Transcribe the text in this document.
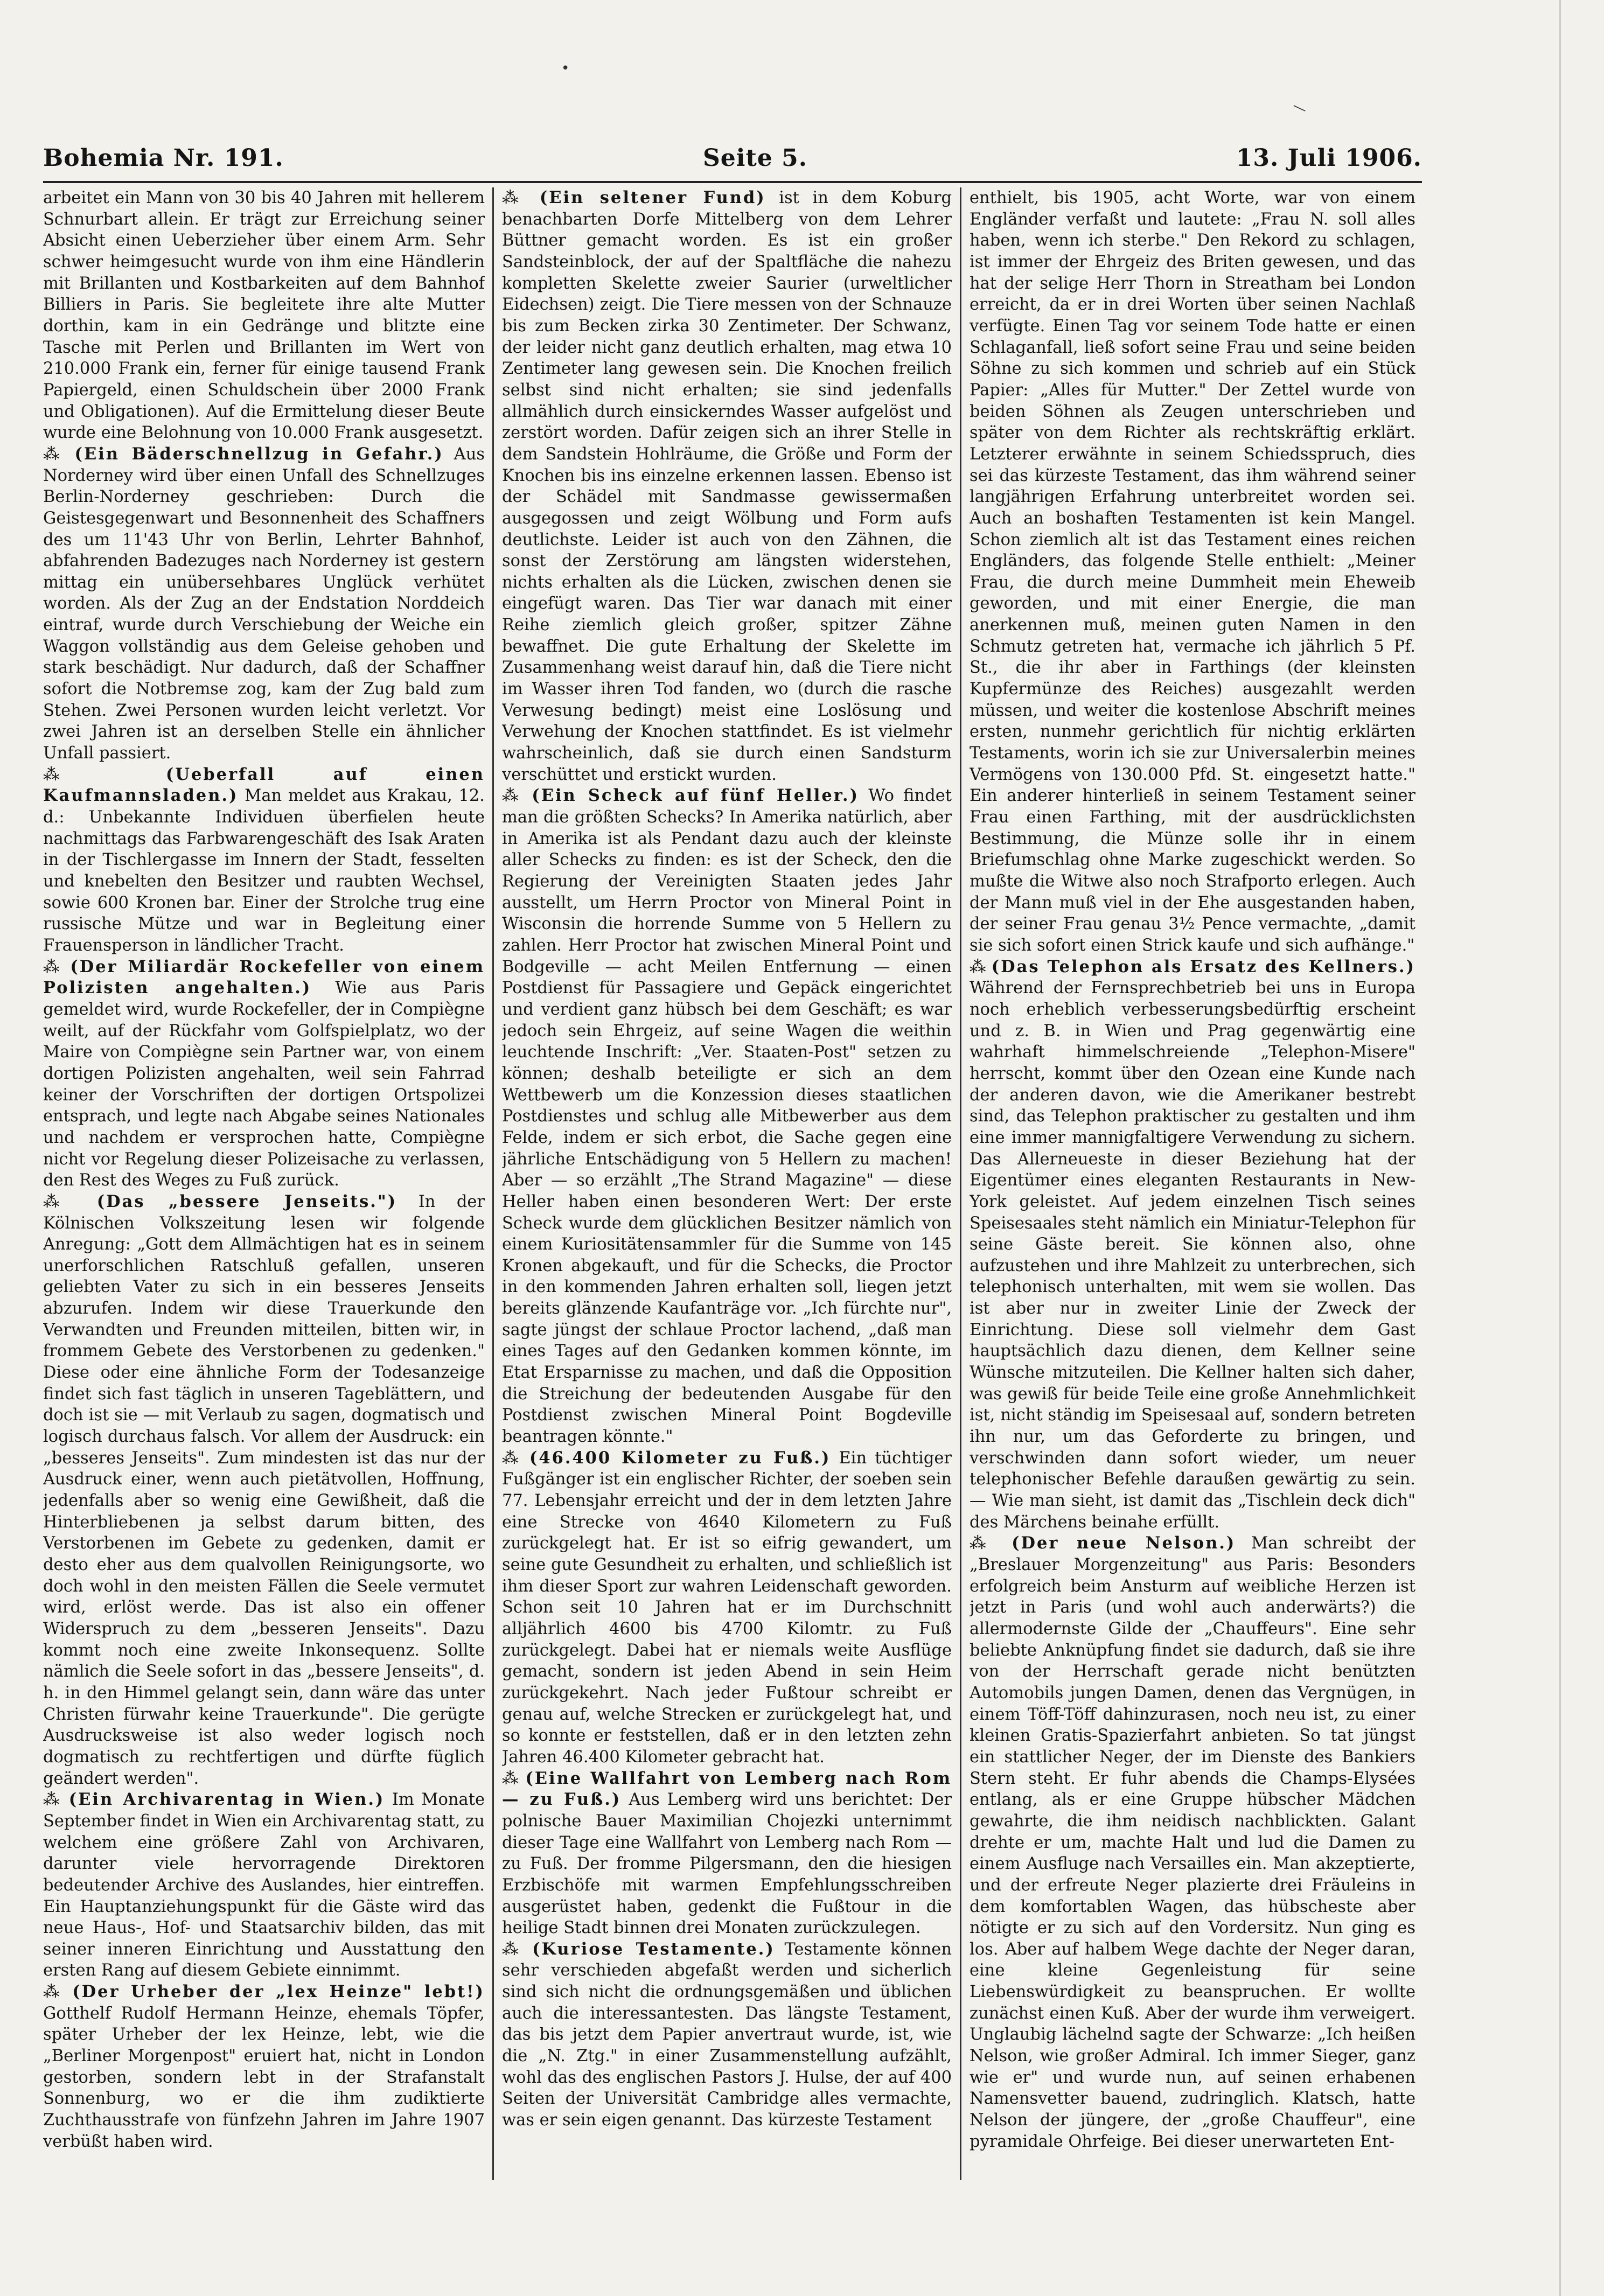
•
—
Bohemia Nr. 191.	Seite 5.	13. Juli 1906.

arbeitet ein Mann von 30 bis 40 Jahren mit hellerem Schnurbart allein. Er trägt zur Erreichung seiner Absicht einen Ueberzieher über einem Arm. Sehr schwer heimgesucht wurde von ihm eine Händlerin mit Brillanten und Kostbarkeiten auf dem Bahnhof Billiers in Paris. Sie begleitete ihre alte Mutter dorthin, kam in ein Gedränge und blitzte eine Tasche mit Perlen und Brillanten im Wert von 210.000 Frank ein, ferner für einige tausend Frank Papiergeld, einen Schuldschein über 2000 Frank und Obligationen). Auf die Ermittelung dieser Beute wurde eine Belohnung von 10.000 Frank ausgesetzt.

⁂ (Ein Bäderschnellzug in Gefahr.) Aus Norderney wird über einen Unfall des Schnellzuges Berlin-Norderney geschrieben: Durch die Geistesgegenwart und Besonnenheit des Schaffners des um 11'43 Uhr von Berlin, Lehrter Bahnhof, abfahrenden Badezuges nach Norderney ist gestern mittag ein unübersehbares Unglück verhütet worden. Als der Zug an der Endstation Norddeich eintraf, wurde durch Verschiebung der Weiche ein Waggon vollständig aus dem Geleise gehoben und stark beschädigt. Nur dadurch, daß der Schaffner sofort die Notbremse zog, kam der Zug bald zum Stehen. Zwei Personen wurden leicht verletzt. Vor zwei Jahren ist an derselben Stelle ein ähnlicher Unfall passiert.

⁂ (Ueberfall auf einen Kaufmannsladen.) Man meldet aus Krakau, 12. d.: Unbekannte Individuen überfielen heute nachmittags das Farbwarengeschäft des Isak Araten in der Tischlergasse im Innern der Stadt, fesselten und knebelten den Besitzer und raubten Wechsel, sowie 600 Kronen bar. Einer der Strolche trug eine russische Mütze und war in Begleitung einer Frauensperson in ländlicher Tracht.

⁂ (Der Miliardär Rockefeller von einem Polizisten angehalten.) Wie aus Paris gemeldet wird, wurde Rockefeller, der in Compiègne weilt, auf der Rückfahr vom Golfspielplatz, wo der Maire von Compiègne sein Partner war, von einem dortigen Polizisten angehalten, weil sein Fahrrad keiner der Vorschriften der dortigen Ortspolizei entsprach, und legte nach Abgabe seines Nationales und nachdem er versprochen hatte, Compiègne nicht vor Regelung dieser Polizeisache zu verlassen, den Rest des Weges zu Fuß zurück.

⁂ (Das „bessere Jenseits.") In der Kölnischen Volkszeitung lesen wir folgende Anregung: „Gott dem Allmächtigen hat es in seinem unerforschlichen Ratschluß gefallen, unseren geliebten Vater zu sich in ein besseres Jenseits abzurufen. Indem wir diese Trauerkunde den Verwandten und Freunden mitteilen, bitten wir, in frommem Gebete des Verstorbenen zu gedenken." Diese oder eine ähnliche Form der Todesanzeige findet sich fast täglich in unseren Tageblättern, und doch ist sie — mit Verlaub zu sagen, dogmatisch und logisch durchaus falsch. Vor allem der Ausdruck: ein „besseres Jenseits". Zum mindesten ist das nur der Ausdruck einer, wenn auch pietätvollen, Hoffnung, jedenfalls aber so wenig eine Gewißheit, daß die Hinterbliebenen ja selbst darum bitten, des Verstorbenen im Gebete zu gedenken, damit er desto eher aus dem qualvollen Reinigungsorte, wo doch wohl in den meisten Fällen die Seele vermutet wird, erlöst werde. Das ist also ein offener Widerspruch zu dem „besseren Jenseits". Dazu kommt noch eine zweite Inkonsequenz. Sollte nämlich die Seele sofort in das „bessere Jenseits", d. h. in den Himmel gelangt sein, dann wäre das unter Christen fürwahr keine Trauerkunde". Die gerügte Ausdrucksweise ist also weder logisch noch dogmatisch zu rechtfertigen und dürfte füglich geändert werden".

⁂ (Ein Archivarentag in Wien.) Im Monate September findet in Wien ein Archivarentag statt, zu welchem eine größere Zahl von Archivaren, darunter viele hervorragende Direktoren bedeutender Archive des Auslandes, hier eintreffen. Ein Hauptanziehungspunkt für die Gäste wird das neue Haus-, Hof- und Staatsarchiv bilden, das mit seiner inneren Einrichtung und Ausstattung den ersten Rang auf diesem Gebiete einnimmt.

⁂ (Der Urheber der „lex Heinze" lebt!) Gotthelf Rudolf Hermann Heinze, ehemals Töpfer, später Urheber der lex Heinze, lebt, wie die „Berliner Morgenpost" eruiert hat, nicht in London gestorben, sondern lebt in der Strafanstalt Sonnenburg, wo er die ihm zudiktierte Zuchthausstrafe von fünfzehn Jahren im Jahre 1907 verbüßt haben wird.

⁂ (Ein seltener Fund) ist in dem Koburg benachbarten Dorfe Mittelberg von dem Lehrer Büttner gemacht worden. Es ist ein großer Sandsteinblock, der auf der Spaltfläche die nahezu kompletten Skelette zweier Saurier (urweltlicher Eidechsen) zeigt. Die Tiere messen von der Schnauze bis zum Becken zirka 30 Zentimeter. Der Schwanz, der leider nicht ganz deutlich erhalten, mag etwa 10 Zentimeter lang gewesen sein. Die Knochen freilich selbst sind nicht erhalten; sie sind jedenfalls allmählich durch einsickerndes Wasser aufgelöst und zerstört worden. Dafür zeigen sich an ihrer Stelle in dem Sandstein Hohlräume, die Größe und Form der Knochen bis ins einzelne erkennen lassen. Ebenso ist der Schädel mit Sandmasse gewissermaßen ausgegossen und zeigt Wölbung und Form aufs deutlichste. Leider ist auch von den Zähnen, die sonst der Zerstörung am längsten widerstehen, nichts erhalten als die Lücken, zwischen denen sie eingefügt waren. Das Tier war danach mit einer Reihe ziemlich gleich großer, spitzer Zähne bewaffnet. Die gute Erhaltung der Skelette im Zusammenhang weist darauf hin, daß die Tiere nicht im Wasser ihren Tod fanden, wo (durch die rasche Verwesung bedingt) meist eine Loslösung und Verwehung der Knochen stattfindet. Es ist vielmehr wahrscheinlich, daß sie durch einen Sandsturm verschüttet und erstickt wurden.

⁂ (Ein Scheck auf fünf Heller.) Wo findet man die größten Schecks? In Amerika natürlich, aber in Amerika ist als Pendant dazu auch der kleinste aller Schecks zu finden: es ist der Scheck, den die Regierung der Vereinigten Staaten jedes Jahr ausstellt, um Herrn Proctor von Mineral Point in Wisconsin die horrende Summe von 5 Hellern zu zahlen. Herr Proctor hat zwischen Mineral Point und Bodgeville — acht Meilen Entfernung — einen Postdienst für Passagiere und Gepäck eingerichtet und verdient ganz hübsch bei dem Geschäft; es war jedoch sein Ehrgeiz, auf seine Wagen die weithin leuchtende Inschrift: „Ver. Staaten-Post" setzen zu können; deshalb beteiligte er sich an dem Wettbewerb um die Konzession dieses staatlichen Postdienstes und schlug alle Mitbewerber aus dem Felde, indem er sich erbot, die Sache gegen eine jährliche Entschädigung von 5 Hellern zu machen! Aber — so erzählt „The Strand Magazine" — diese Heller haben einen besonderen Wert: Der erste Scheck wurde dem glücklichen Besitzer nämlich von einem Kuriositätensammler für die Summe von 145 Kronen abgekauft, und für die Schecks, die Proctor in den kommenden Jahren erhalten soll, liegen jetzt bereits glänzende Kaufanträge vor. „Ich fürchte nur", sagte jüngst der schlaue Proctor lachend, „daß man eines Tages auf den Gedanken kommen könnte, im Etat Ersparnisse zu machen, und daß die Opposition die Streichung der bedeutenden Ausgabe für den Postdienst zwischen Mineral Point Bogdeville beantragen könnte."

⁂ (46.400 Kilometer zu Fuß.) Ein tüchtiger Fußgänger ist ein englischer Richter, der soeben sein 77. Lebensjahr erreicht und der in dem letzten Jahre eine Strecke von 4640 Kilometern zu Fuß zurückgelegt hat. Er ist so eifrig gewandert, um seine gute Gesundheit zu erhalten, und schließlich ist ihm dieser Sport zur wahren Leidenschaft geworden. Schon seit 10 Jahren hat er im Durchschnitt alljährlich 4600 bis 4700 Kilomtr. zu Fuß zurückgelegt. Dabei hat er niemals weite Ausflüge gemacht, sondern ist jeden Abend in sein Heim zurückgekehrt. Nach jeder Fußtour schreibt er genau auf, welche Strecken er zurückgelegt hat, und so konnte er feststellen, daß er in den letzten zehn Jahren 46.400 Kilometer gebracht hat.

⁂ (Eine Wallfahrt von Lemberg nach Rom — zu Fuß.) Aus Lemberg wird uns berichtet: Der polnische Bauer Maximilian Chojezki unternimmt dieser Tage eine Wallfahrt von Lemberg nach Rom — zu Fuß. Der fromme Pilgersmann, den die hiesigen Erzbischöfe mit warmen Empfehlungsschreiben ausgerüstet haben, gedenkt die Fußtour in die heilige Stadt binnen drei Monaten zurückzulegen.

⁂ (Kuriose Testamente.) Testamente können sehr verschieden abgefaßt werden und sicherlich sind sich nicht die ordnungsgemäßen und üblichen auch die interessantesten. Das längste Testament, das bis jetzt dem Papier anvertraut wurde, ist, wie die „N. Ztg." in einer Zusammenstellung aufzählt, wohl das des englischen Pastors J. Hulse, der auf 400 Seiten der Universität Cambridge alles vermachte, was er sein eigen genannt. Das kürzeste Testament

enthielt, bis 1905, acht Worte, war von einem Engländer verfaßt und lautete: „Frau N. soll alles haben, wenn ich sterbe." Den Rekord zu schlagen, ist immer der Ehrgeiz des Briten gewesen, und das hat der selige Herr Thorn in Streatham bei London erreicht, da er in drei Worten über seinen Nachlaß verfügte. Einen Tag vor seinem Tode hatte er einen Schlaganfall, ließ sofort seine Frau und seine beiden Söhne zu sich kommen und schrieb auf ein Stück Papier: „Alles für Mutter." Der Zettel wurde von beiden Söhnen als Zeugen unterschrieben und später von dem Richter als rechtskräftig erklärt. Letzterer erwähnte in seinem Schiedsspruch, dies sei das kürzeste Testament, das ihm während seiner langjährigen Erfahrung unterbreitet worden sei. Auch an boshaften Testamenten ist kein Mangel. Schon ziemlich alt ist das Testament eines reichen Engländers, das folgende Stelle enthielt: „Meiner Frau, die durch meine Dummheit mein Eheweib geworden, und mit einer Energie, die man anerkennen muß, meinen guten Namen in den Schmutz getreten hat, vermache ich jährlich 5 Pf. St., die ihr aber in Farthings (der kleinsten Kupfermünze des Reiches) ausgezahlt werden müssen, und weiter die kostenlose Abschrift meines ersten, nunmehr gerichtlich für nichtig erklärten Testaments, worin ich sie zur Universalerbin meines Vermögens von 130.000 Pfd. St. eingesetzt hatte." Ein anderer hinterließ in seinem Testament seiner Frau einen Farthing, mit der ausdrücklichsten Bestimmung, die Münze solle ihr in einem Briefumschlag ohne Marke zugeschickt werden. So mußte die Witwe also noch Strafporto erlegen. Auch der Mann muß viel in der Ehe ausgestanden haben, der seiner Frau genau 3½ Pence vermachte, „damit sie sich sofort einen Strick kaufe und sich aufhänge."

⁂ (Das Telephon als Ersatz des Kellners.) Während der Fernsprechbetrieb bei uns in Europa noch erheblich verbesserungsbedürftig erscheint und z. B. in Wien und Prag gegenwärtig eine wahrhaft himmelschreiende „Telephon-Misere" herrscht, kommt über den Ozean eine Kunde nach der anderen davon, wie die Amerikaner bestrebt sind, das Telephon praktischer zu gestalten und ihm eine immer mannigfaltigere Verwendung zu sichern. Das Allerneueste in dieser Beziehung hat der Eigentümer eines eleganten Restaurants in New-York geleistet. Auf jedem einzelnen Tisch seines Speisesaales steht nämlich ein Miniatur-Telephon für seine Gäste bereit. Sie können also, ohne aufzustehen und ihre Mahlzeit zu unterbrechen, sich telephonisch unterhalten, mit wem sie wollen. Das ist aber nur in zweiter Linie der Zweck der Einrichtung. Diese soll vielmehr dem Gast hauptsächlich dazu dienen, dem Kellner seine Wünsche mitzuteilen. Die Kellner halten sich daher, was gewiß für beide Teile eine große Annehmlichkeit ist, nicht ständig im Speisesaal auf, sondern betreten ihn nur, um das Geforderte zu bringen, und verschwinden dann sofort wieder, um neuer telephonischer Befehle daraußen gewärtig zu sein. — Wie man sieht, ist damit das „Tischlein deck dich" des Märchens beinahe erfüllt.

⁂ (Der neue Nelson.) Man schreibt der „Breslauer Morgenzeitung" aus Paris: Besonders erfolgreich beim Ansturm auf weibliche Herzen ist jetzt in Paris (und wohl auch anderwärts?) die allermodernste Gilde der „Chauffeurs". Eine sehr beliebte Anknüpfung findet sie dadurch, daß sie ihre von der Herrschaft gerade nicht benützten Automobils jungen Damen, denen das Vergnügen, in einem Töff-Töff dahinzurasen, noch neu ist, zu einer kleinen Gratis-Spazierfahrt anbieten. So tat jüngst ein stattlicher Neger, der im Dienste des Bankiers Stern steht. Er fuhr abends die Champs-Elysées entlang, als er eine Gruppe hübscher Mädchen gewahrte, die ihm neidisch nachblickten. Galant drehte er um, machte Halt und lud die Damen zu einem Ausfluge nach Versailles ein. Man akzeptierte, und der erfreute Neger plazierte drei Fräuleins in dem komfortablen Wagen, das hübscheste aber nötigte er zu sich auf den Vordersitz. Nun ging es los. Aber auf halbem Wege dachte der Neger daran, eine kleine Gegenleistung für seine Liebenswürdigkeit zu beanspruchen. Er wollte zunächst einen Kuß. Aber der wurde ihm verweigert. Unglaubig lächelnd sagte der Schwarze: „Ich heißen Nelson, wie großer Admiral. Ich immer Sieger, ganz wie er" und wurde nun, auf seinen erhabenen Namensvetter bauend, zudringlich. Klatsch, hatte Nelson der jüngere, der „große Chauffeur", eine pyramidale Ohrfeige. Bei dieser unerwarteten Ent-
